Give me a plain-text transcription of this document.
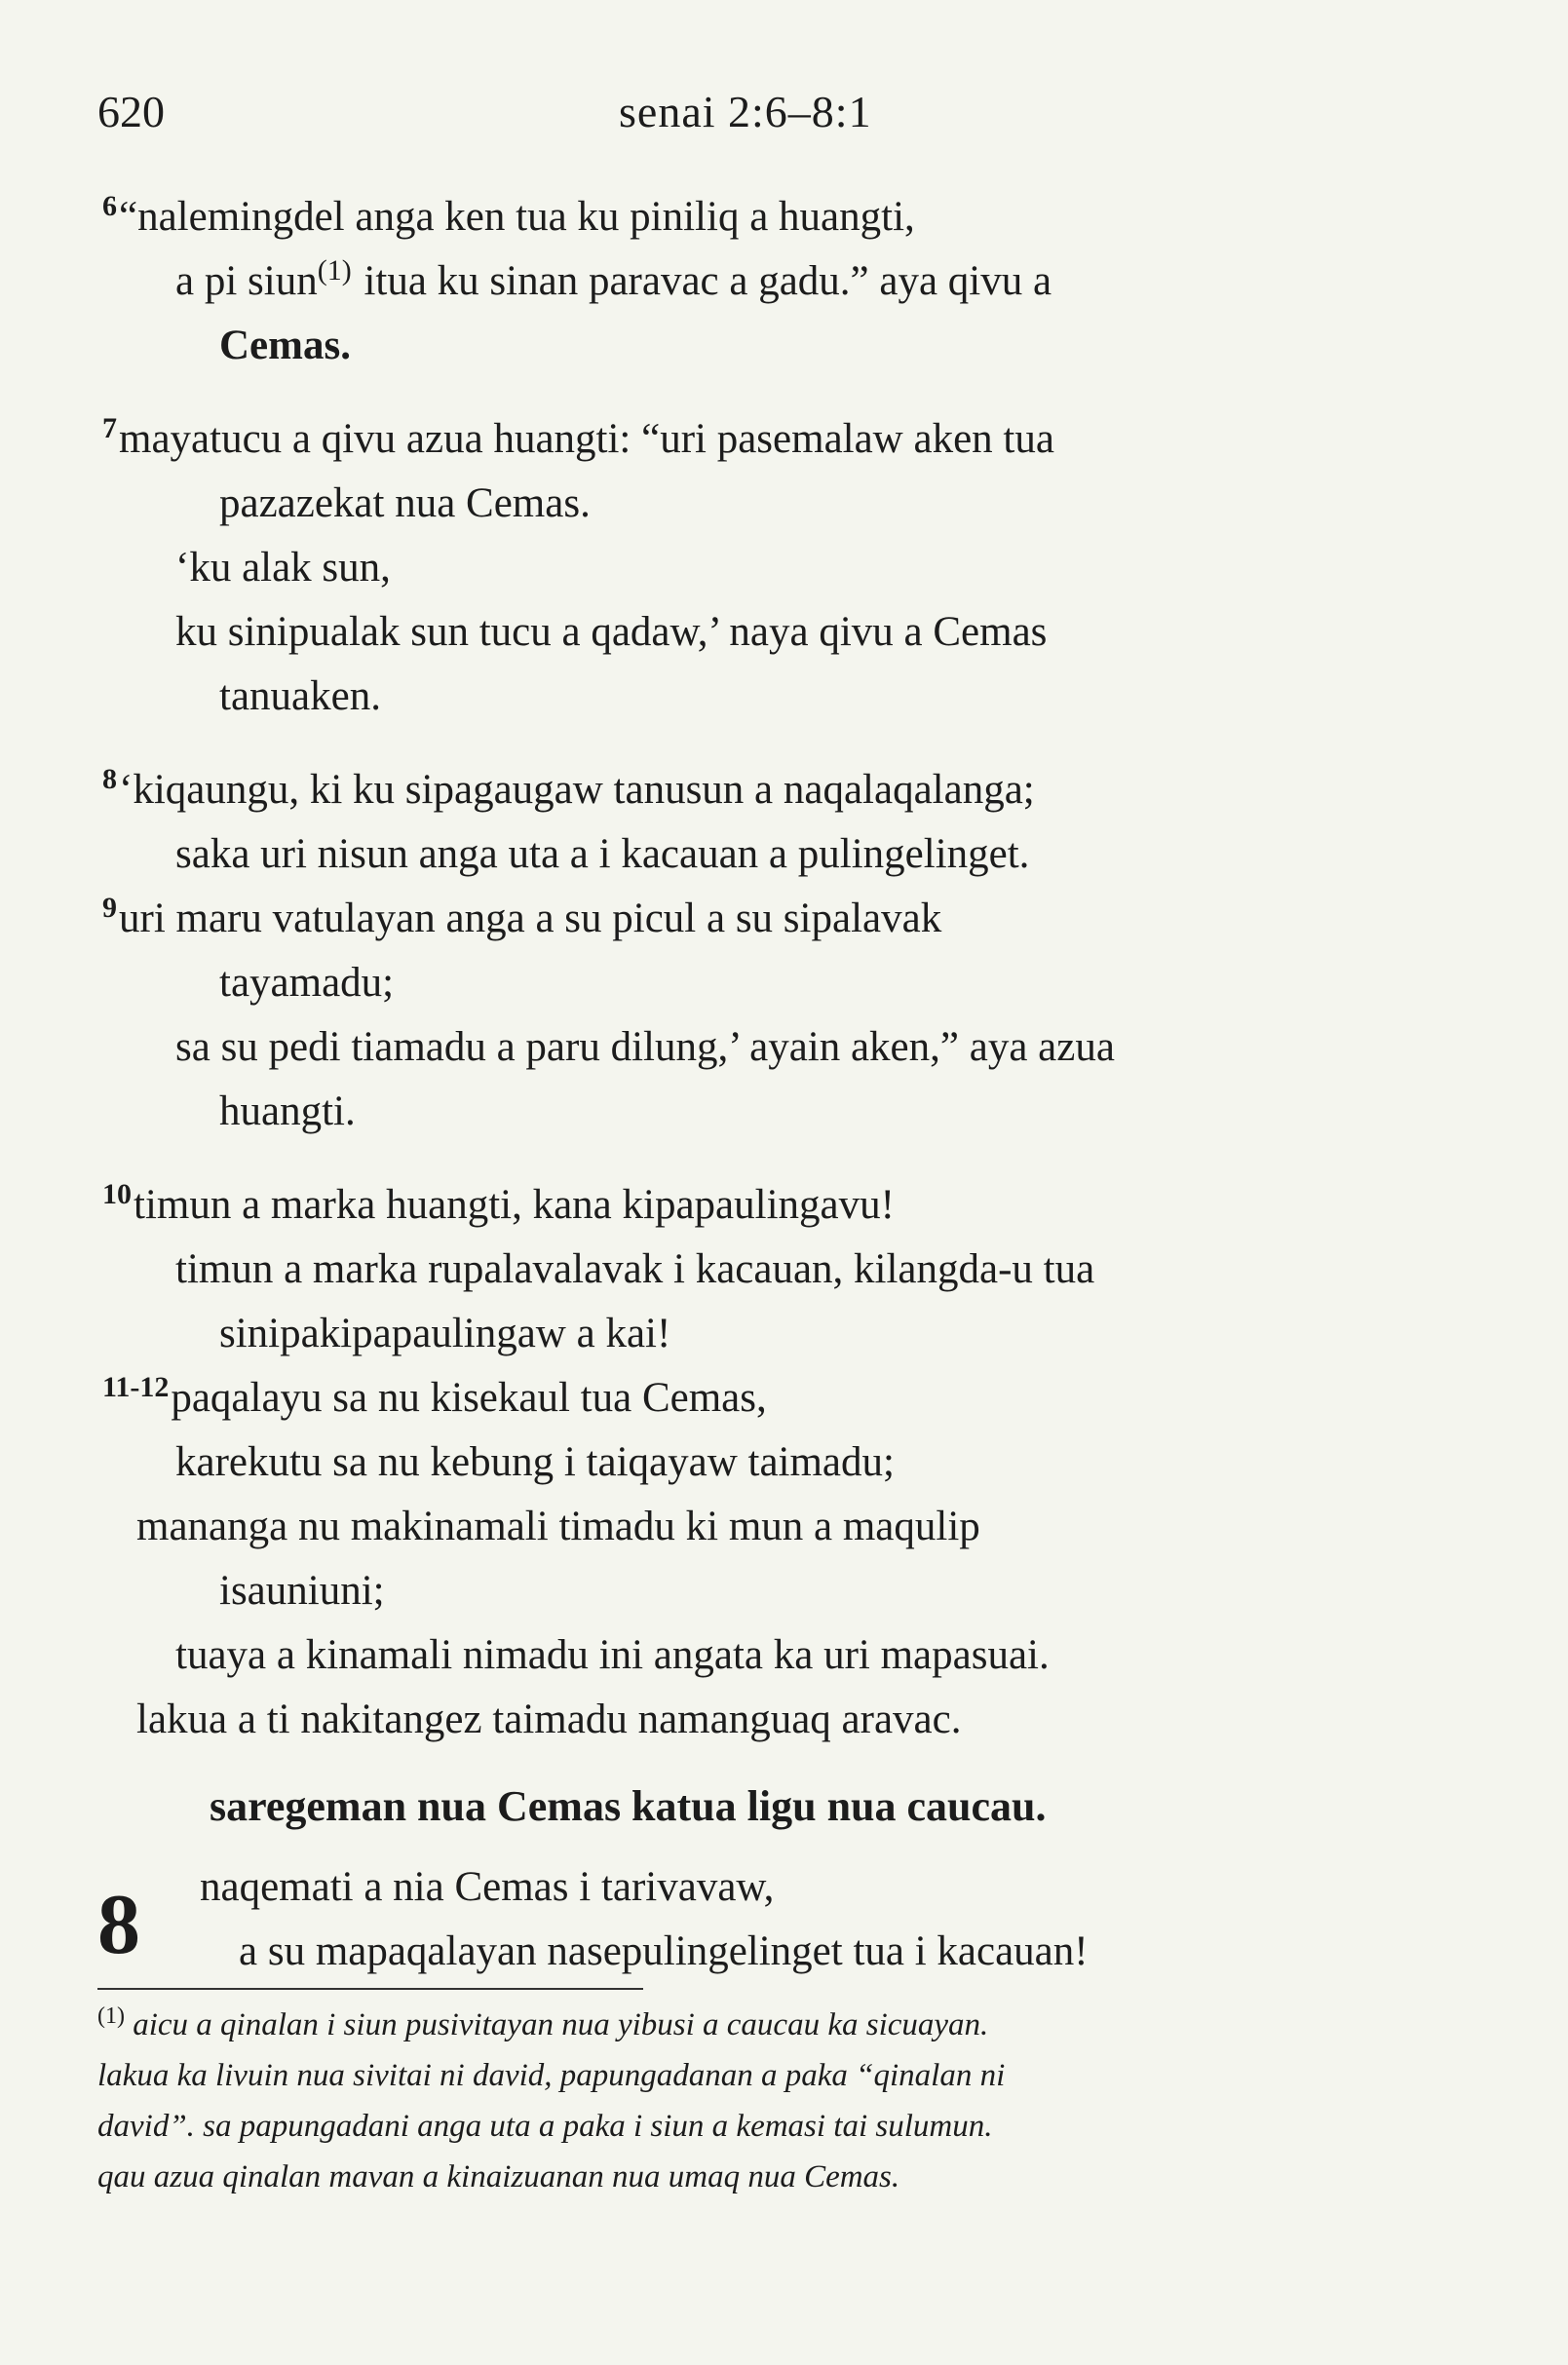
620	senai 2:6–8:1
$^6$“nalemingdel anga ken tua ku piniliq a huangti,
a pi siun$^{(1)}$ itua ku sinan paravac a gadu.” aya qivu a
Cemas.
$^7$mayatucu a qivu azua huangti: “uri pasemalaw aken tua
pazazekat nua Cemas.
‘ku alak sun,
ku sinipualak sun tucu a qadaw,’ naya qivu a Cemas
tanuaken.
$^8$‘kiqaungu, ki ku sipagaugaw tanusun a naqalaqalanga;
saka uri nisun anga uta a i kacauan a pulingelinget.
$^9$uri maru vatulayan anga a su picul a su sipalavak
tayamadu;
sa su pedi tiamadu a paru dilung,’ ayain aken,” aya azua
huangti.
$^{10}$timun a marka huangti, kana kipapaulingavu!
timun a marka rupalavalavak i kacauan, kilangda-u tua
sinipakipapaulingaw a kai!
$^{11-12}$paqalayu sa nu kisekaul tua Cemas,
karekutu sa nu kebung i taiqayaw taimadu;
mananga nu makinamali timadu ki mun a maqulip
isauniuni;
tuaya a kinamali nimadu ini angata ka uri mapasuai.
lakua a ti nakitangez taimadu namanguaq aravac.
saregeman nua Cemas katua ligu nua caucau.
8 naqemati a nia Cemas i tarivavaw,
a su mapaqalayan nasepulingelinget tua i kacauan!
$^{(1)}$ aicu a qinalan i siun pusivitayan nua yibusi a caucau ka sicuayan.
lakua ka livuin nua sivitai ni david, papungadanan a paka “qinalan ni
david”. sa papungadani anga uta a paka i siun a kemasi tai sulumun.
qau azua qinalan mavan a kinaizuanan nua umaq nua Cemas.
